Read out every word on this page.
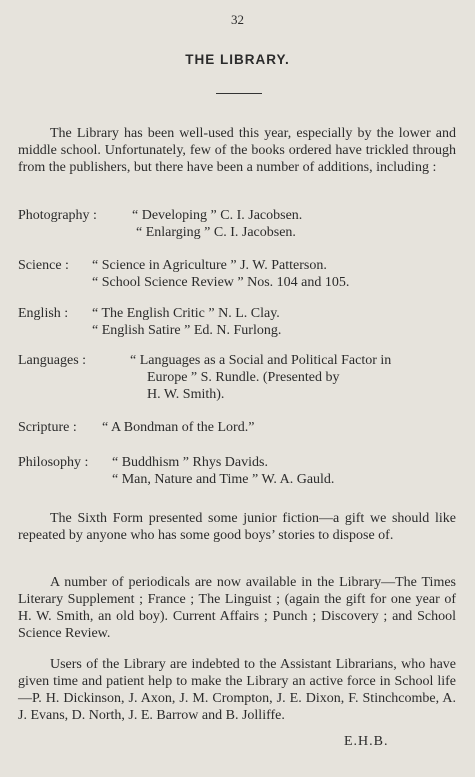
32
THE LIBRARY.
The Library has been well-used this year, especially by the lower and middle school. Unfortunately, few of the books ordered have trickled through from the publishers, but there have been a number of additions, including :
Photography :	“ Developing ” C. I. Jacobsen.
“ Enlarging ” C. I. Jacobsen.
Science : “ Science in Agriculture ” J. W. Patterson.
“ School Science Review ” Nos. 104 and 105.
English : “ The English Critic ” N. L. Clay.
“ English Satire ” Ed. N. Furlong.
Languages :	“ Languages as a Social and Political Factor in
Europe ” S. Rundle. (Presented by
H. W. Smith).
Scripture : “ A Bondman of the Lord.”
Philosophy : “ Buddhism ” Rhys Davids.
“ Man, Nature and Time ” W. A. Gauld.
The Sixth Form presented some junior fiction—a gift we should like repeated by anyone who has some good boys’ stories to dispose of.
A number of periodicals are now available in the Library—The Times Literary Supplement ; France ; The Linguist ; (again the gift for one year of H. W. Smith, an old boy). Current Affairs ; Punch ; Discovery ; and School Science Review.
Users of the Library are indebted to the Assistant Librarians, who have given time and patient help to make the Library an active force in School life—P. H. Dickinson, J. Axon, J. M. Crompton, J. E. Dixon, F. Stinchcombe, A. J. Evans, D. North, J. E. Barrow and B. Jolliffe.
E.H.B.
